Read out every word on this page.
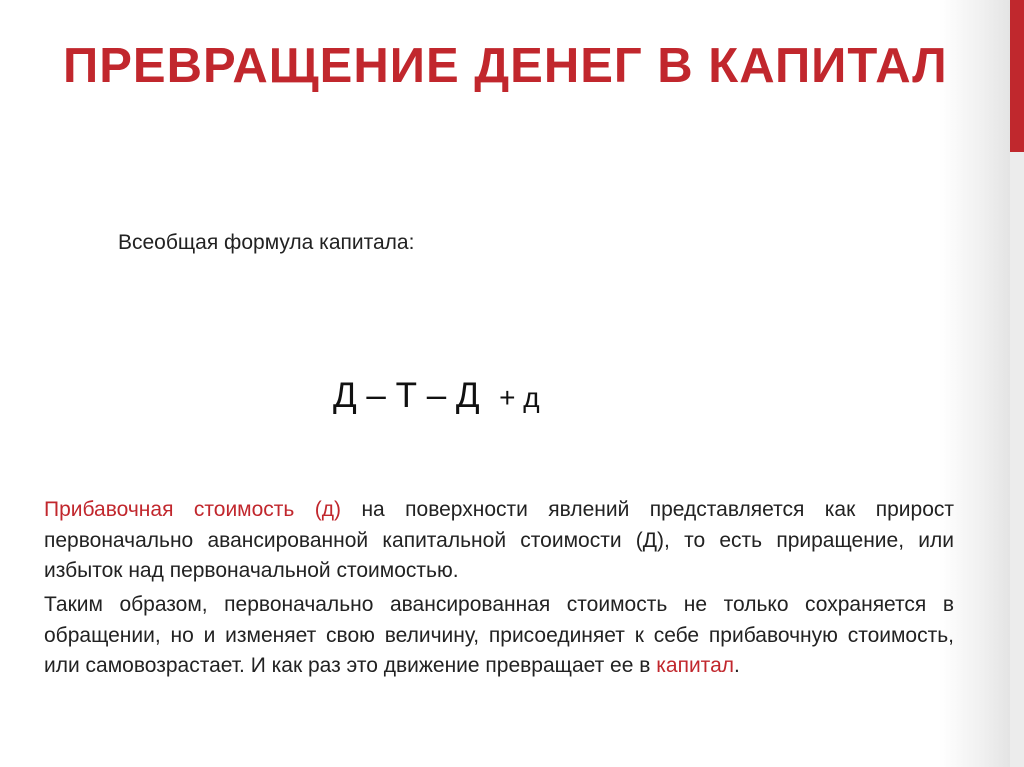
ПРЕВРАЩЕНИЕ ДЕНЕГ В КАПИТАЛ
Всеобщая формула капитала:
Д – Т – Д  + д

Прибавочная стоимость (д) на поверхности явлений представляется как прирост первоначально авансированной капитальной стоимости (Д), то есть приращение, или избыток над первоначальной стоимостью.

Таким образом, первоначально авансированная стоимость не только сохраняется в обращении, но и изменяет свою величину, присоединяет к себе прибавочную стоимость, или самовозрастает. И как раз это движение превращает ее в капитал.
